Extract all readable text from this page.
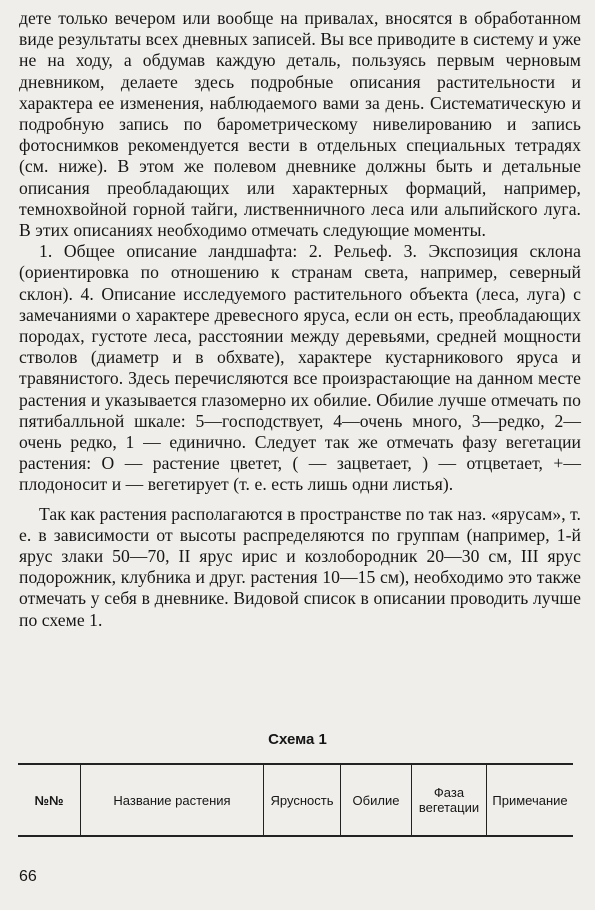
дете только вечером или вообще на привалах, вносятся в обработанном виде результаты всех дневных записей. Вы все приводите в систему и уже не на ходу, а обдумав каждую деталь, пользуясь первым черновым дневником, делаете здесь подробные описания растительности и характера ее изменения, наблюдаемого вами за день. Систематическую и подробную запись по барометрическому нивелированию и запись фотоснимков рекомендуется вести в отдельных специальных тетрадях (см. ниже). В этом же полевом дневнике должны быть и детальные описания преобладающих или характерных формаций, например, темнохвойной горной тайги, лиственничного леса или альпийского луга. В этих описаниях необходимо отмечать следующие моменты.

1. Общее описание ландшафта: 2. Рельеф. 3. Экспозиция склона (ориентировка по отношению к странам света, например, северный склон). 4. Описание исследуемого растительного объекта (леса, луга) с замечаниями о характере древесного яруса, если он есть, преобладающих породах, густоте леса, расстоянии между деревьями, средней мощности стволов (диаметр и в обхвате), характере кустарникового яруса и травянистого. Здесь перечисляются все произрастающие на данном месте растения и указывается глазомерно их обилие. Обилие лучше отмечать по пятибалльной шкале: 5—господствует, 4—очень много, 3—редко, 2—очень редко, 1 — единично. Следует так же отмечать фазу вегетации растения: О — растение цветет, ( — зацветает, ) — отцветает, +— плодоносит и — вегетирует (т. е. есть лишь одни листья).

Так как растения располагаются в пространстве по так наз. «ярусам», т. е. в зависимости от высоты распределяются по группам (например, 1-й ярус злаки 50—70, II ярус ирис и козлобородник 20—30 см, III ярус подорожник, клубника и друг. растения 10—15 см), необходимо это также отмечать у себя в дневнике. Видовой список в описании проводить лучше по схеме 1.

Схема 1
№№	Название растения	Ярусность	Обилие	Фаза вегетации	Примечание
66
